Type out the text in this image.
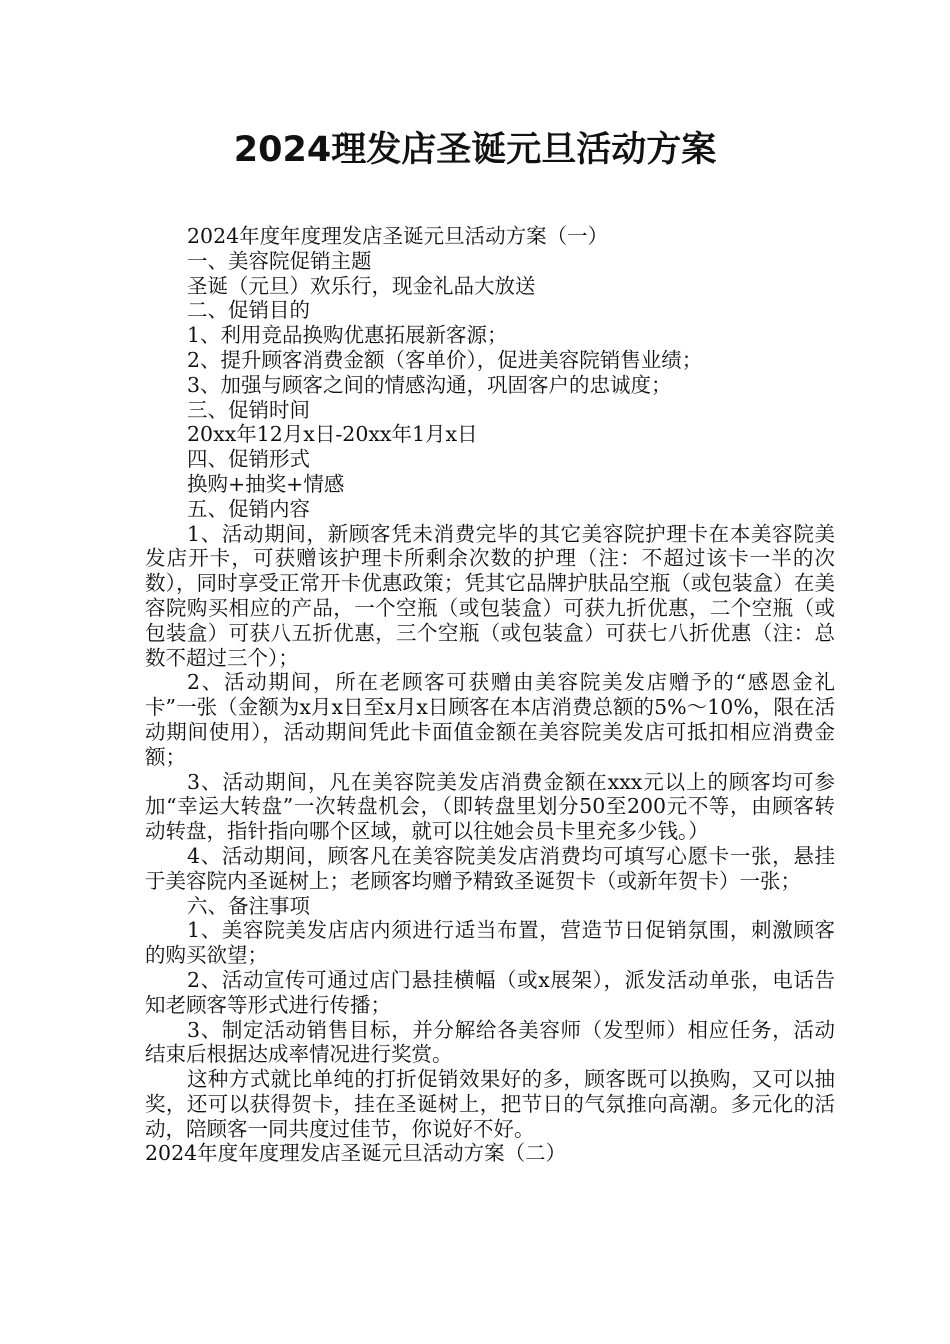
2024理发店圣诞元旦活动方案

2024年度年度理发店圣诞元旦活动方案（一）

一、美容院促销主题

圣诞（元旦）欢乐行，现金礼品大放送

二、促销目的

1、利用竞品换购优惠拓展新客源；

2、提升顾客消费金额（客单价），促进美容院销售业绩；

3、加强与顾客之间的情感沟通，巩固客户的忠诚度；

三、促销时间

20xx年12月x日-20xx年1月x日

四、促销形式

换购+抽奖+情感

五、促销内容

1、活动期间，新顾客凭未消费完毕的其它美容院护理卡在本美容院美发店开卡，可获赠该护理卡所剩余次数的护理（注：不超过该卡一半的次数），同时享受正常开卡优惠政策；凭其它品牌护肤品空瓶（或包装盒）在美容院购买相应的产品，一个空瓶（或包装盒）可获九折优惠，二个空瓶（或包装盒）可获八五折优惠，三个空瓶（或包装盒）可获七八折优惠（注：总数不超过三个）；

2、活动期间，所在老顾客可获赠由美容院美发店赠予的“感恩金礼卡”一张（金额为x月x日至x月x日顾客在本店消费总额的5%～10%，限在活动期间使用），活动期间凭此卡面值金额在美容院美发店可抵扣相应消费金额；

3、活动期间，凡在美容院美发店消费金额在xxx元以上的顾客均可参加“幸运大转盘”一次转盘机会，（即转盘里划分50至200元不等，由顾客转动转盘，指针指向哪个区域，就可以往她会员卡里充多少钱。）

4、活动期间，顾客凡在美容院美发店消费均可填写心愿卡一张，悬挂于美容院内圣诞树上；老顾客均赠予精致圣诞贺卡（或新年贺卡）一张；

六、备注事项

1、美容院美发店店内须进行适当布置，营造节日促销氛围，刺激顾客的购买欲望；

2、活动宣传可通过店门悬挂横幅（或x展架），派发活动单张，电话告知老顾客等形式进行传播；

3、制定活动销售目标，并分解给各美容师（发型师）相应任务，活动结束后根据达成率情况进行奖赏。

这种方式就比单纯的打折促销效果好的多，顾客既可以换购，又可以抽奖，还可以获得贺卡，挂在圣诞树上，把节日的气氛推向高潮。多元化的活动，陪顾客一同共度过佳节，你说好不好。

2024年度年度理发店圣诞元旦活动方案（二）
